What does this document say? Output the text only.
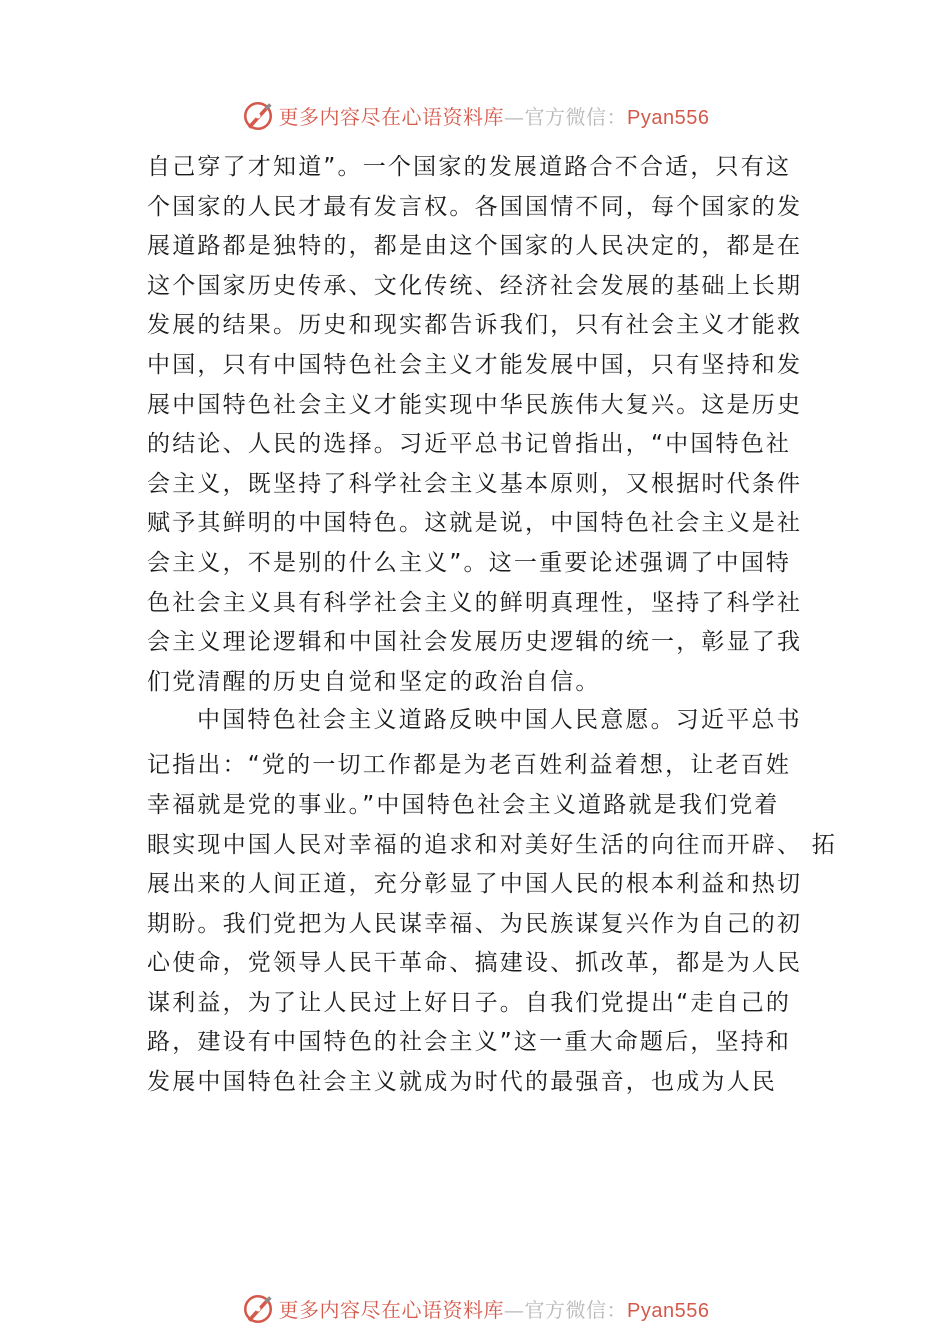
更多内容尽在心语资料库—官方微信：Pyan556
自己穿了才知道”。一个国家的发展道路合不合适，只有这
个国家的人民才最有发言权。各国国情不同，每个国家的发
展道路都是独特的，都是由这个国家的人民决定的，都是在
这个国家历史传承、文化传统、经济社会发展的基础上长期
发展的结果。历史和现实都告诉我们，只有社会主义才能救
中国，只有中国特色社会主义才能发展中国，只有坚持和发
展中国特色社会主义才能实现中华民族伟大复兴。这是历史
的结论、人民的选择。习近平总书记曾指出，“中国特色社
会主义，既坚持了科学社会主义基本原则，又根据时代条件
赋予其鲜明的中国特色。这就是说，中国特色社会主义是社
会主义，不是别的什么主义”。这一重要论述强调了中国特
色社会主义具有科学社会主义的鲜明真理性，坚持了科学社
会主义理论逻辑和中国社会发展历史逻辑的统一，彰显了我
们党清醒的历史自觉和坚定的政治自信。
中国特色社会主义道路反映中国人民意愿。习近平总书
记指出：“党的一切工作都是为老百姓利益着想，让老百姓
幸福就是党的事业。”中国特色社会主义道路就是我们党着
眼实现中国人民对幸福的追求和对美好生活的向往而开辟、 拓
展出来的人间正道，充分彰显了中国人民的根本利益和热切
期盼。我们党把为人民谋幸福、为民族谋复兴作为自己的初
心使命，党领导人民干革命、搞建设、抓改革，都是为人民
谋利益，为了让人民过上好日子。自我们党提出“走自己的
路，建设有中国特色的社会主义”这一重大命题后，坚持和
发展中国特色社会主义就成为时代的最强音，也成为人民
更多内容尽在心语资料库—官方微信：Pyan556
